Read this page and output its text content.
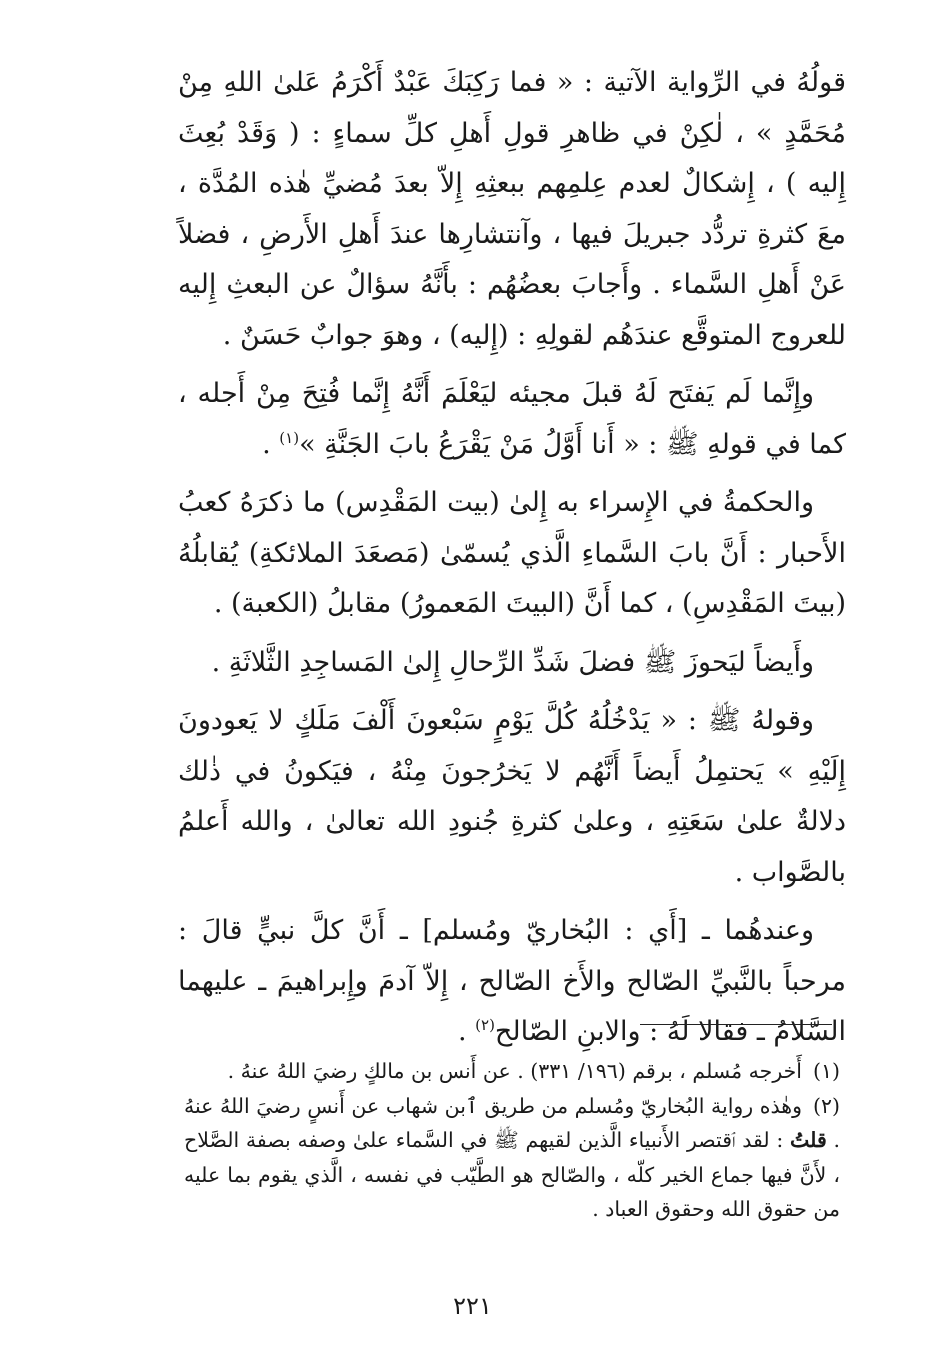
قولُهُ في الرِّواية الآتية : « فما رَكِبَكَ عَبْدٌ أَكْرَمُ عَلىٰ اللهِ مِنْ مُحَمَّدٍ » ، لٰكِنْ في ظاهرِ قولِ أَهلِ كلِّ سماءٍ : ( وَقَدْ بُعِثَ إِليه ) ، إِشكالٌ لعدم عِلمِهم ببعثِهِ إِلاّ بعدَ مُضيِّ هٰذه المُدَّة ، معَ كثرةِ تردُّد جبريلَ فيها ، وآنتشارِها عندَ أَهلِ الأَرضِ ، فضلاً عَنْ أَهلِ السَّماء . وأَجابَ بعضُهُم : بأَنَّهُ سؤالٌ عن البعثِ إِليه للعروج المتوقَّع عندَهُم لقولِهِ : (إِليه) ، وهوَ جوابٌ حَسَنٌ .

وإِنَّما لَم يَفتَح لَهُ قبلَ مجيئه ليَعْلَمَ أَنَّهُ إِنَّما فُتِحَ مِنْ أَجله ، كما في قولهِ ﷺ : « أَنا أَوَّلُ مَنْ يَقْرَعُ بابَ الجَنَّةِ »$^{(١)}$ .

والحكمةُ في الإِسراء به إِلىٰ (بيت المَقْدِس) ما ذكرَهُ كعبُ الأَحبار : أَنَّ بابَ السَّماءِ الَّذي يُسمّىٰ (مَصعَدَ الملائكةِ) يُقابلُهُ (بيتَ المَقْدِسِ) ، كما أَنَّ (البيتَ المَعمورُ) مقابلُ (الكعبة) .

وأَيضاً ليَحوزَ ﷺ فضلَ شَدِّ الرِّحالِ إِلىٰ المَساجِدِ الثَّلاثَةِ .

وقولهُ ﷺ : « يَدْخُلُهُ كُلَّ يَوْمٍ سَبْعونَ أَلْفَ مَلَكٍ لا يَعودونَ إِلَيْهِ » يَحتمِلُ أَيضاً أَنَّهُم لا يَخرُجونَ مِنْهُ ، فيَكونُ في ذٰلك دلالةٌ علىٰ سَعَتِهِ ، وعلىٰ كثرةِ جُنودِ الله تعالىٰ ، والله أَعلمُ بالصَّواب .

وعندهُما ـ [أَي : البُخاريّ ومُسلم] ـ أَنَّ كلَّ نبيٍّ قالَ : مرحباً بالنَّبيِّ الصّالح والأَخ الصّالح ، إِلاّ آدمَ وإِبراهيمَ ـ عليهما السَّلامُ ـ فقالا لَهُ : والابنِ الصّالح$^{(٢)}$ .

(١)أَخرجه مُسلم ، برقم (١٩٦/ ٣٣١) . عن أَنس بن مالكٍ رضيَ اللهُ عنهُ .

(٢)وهٰذه رواية البُخاريّ ومُسلم من طريق ٱبن شهاب عن أَنسٍ رضيَ اللهُ عنهُ . قلتُ : لقد ٱقتصر الأَنبياء الَّذين لقيهم ﷺ في السَّماء علىٰ وصفه بصفة الصَّلاح ، لأَنَّ فيها جماع الخير كلّه ، والصّالح هو الطَّيّب في نفسه ، الَّذي يقوم بما عليه من حقوق الله وحقوق العباد .

٢٢١
